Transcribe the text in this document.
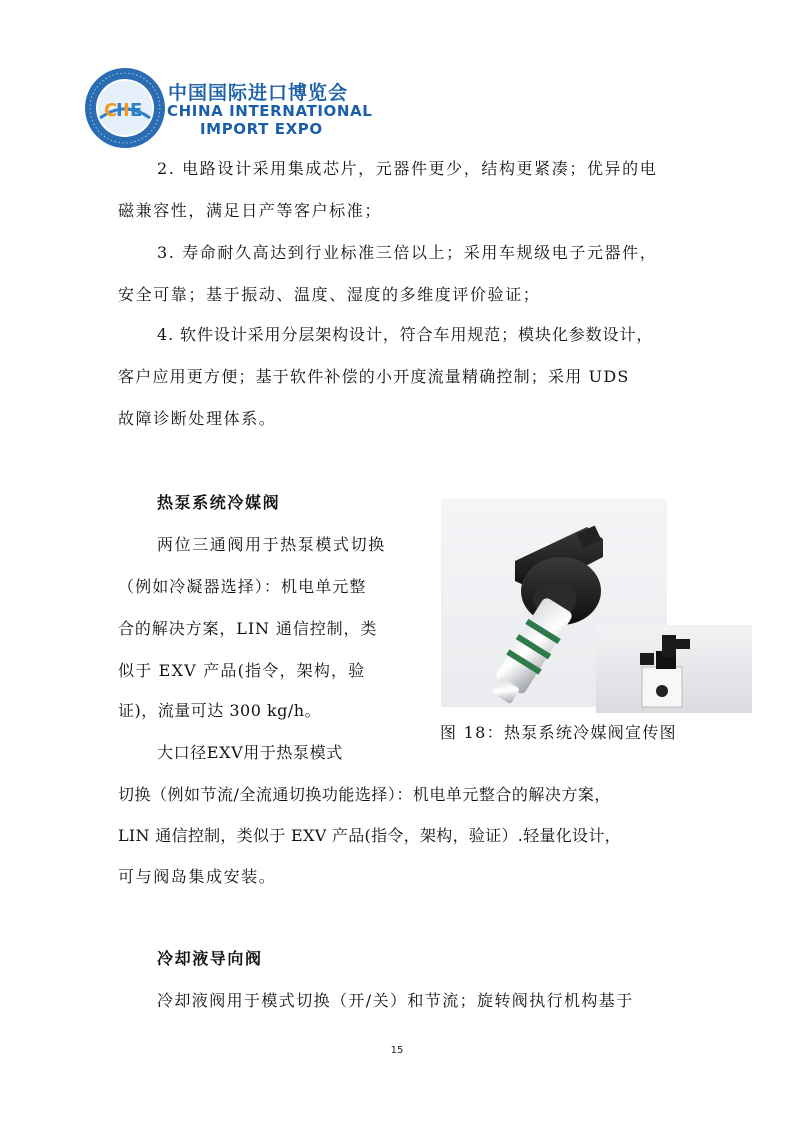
C
I I E
中国国际进口博览会
CHINA INTERNATIONAL
IMPORT EXPO
2. 电路设计采用集成芯片，元器件更少，结构更紧凑；优异的电
磁兼容性，满足日产等客户标准；
3. 寿命耐久高达到行业标准三倍以上；采用车规级电子元器件，
安全可靠；基于振动、温度、湿度的多维度评价验证；
4. 软件设计采用分层架构设计，符合车用规范；模块化参数设计，
客户应用更方便；基于软件补偿的小开度流量精确控制；采用 UDS
故障诊断处理体系。
热泵系统冷媒阀
两位三通阀用于热泵模式切换
（例如冷凝器选择）：机电单元整
合的解决方案，LIN 通信控制，类
似于 EXV 产品(指令，架构，验
证)，流量可达 300 kg/h。
图 18：热泵系统冷媒阀宣传图
大口径EXV用于热泵模式
切换（例如节流/全流通切换功能选择）：机电单元整合的解决方案，
LIN 通信控制，类似于 EXV 产品(指令，架构，验证）.轻量化设计，
可与阀岛集成安装。
冷却液导向阀
冷却液阀用于模式切换（开/关）和节流；旋转阀执行机构基于
15
